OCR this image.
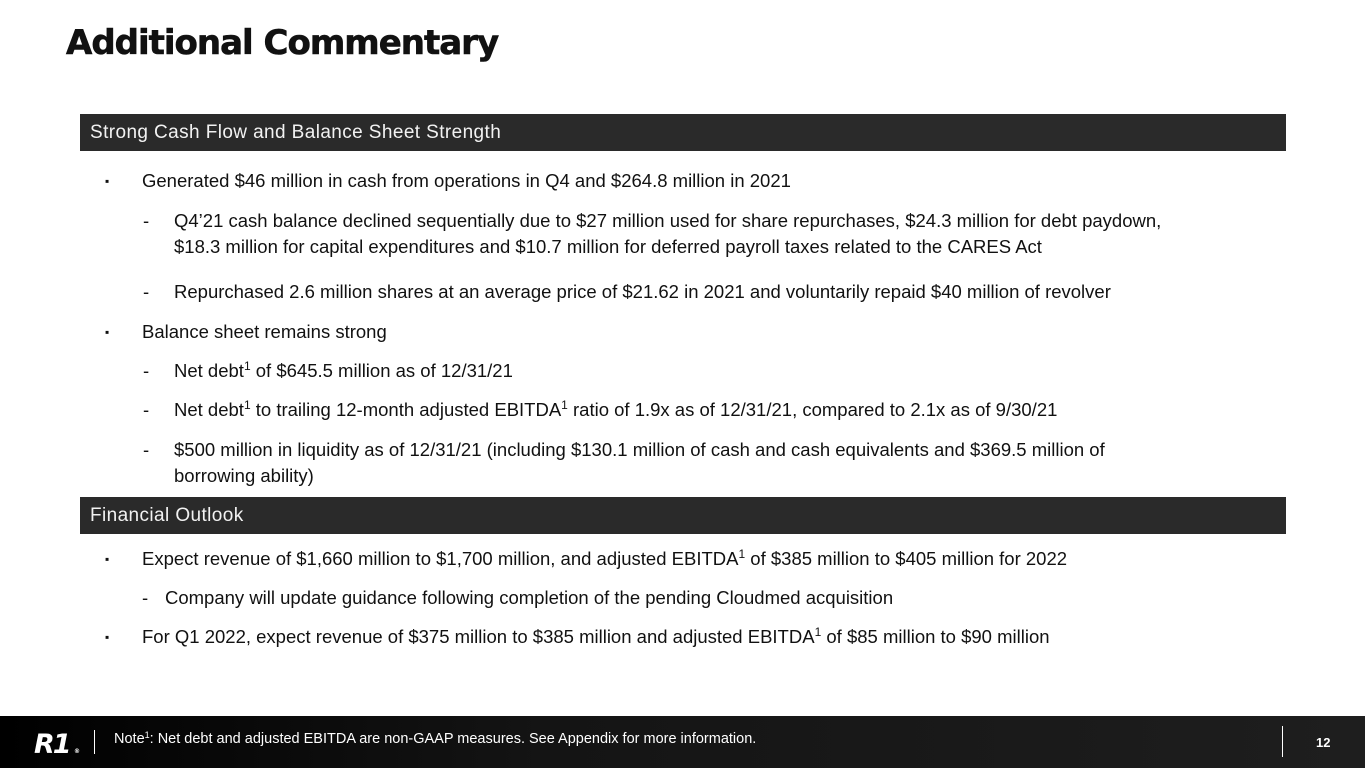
Additional Commentary
Strong Cash Flow and Balance Sheet Strength
▪ Generated $46 million in cash from operations in Q4 and $264.8 million in 2021
- Q4’21 cash balance declined sequentially due to $27 million used for share repurchases, $24.3 million for debt paydown,
$18.3 million for capital expenditures and $10.7 million for deferred payroll taxes related to the CARES Act
- Repurchased 2.6 million shares at an average price of $21.62 in 2021 and voluntarily repaid $40 million of revolver
▪ Balance sheet remains strong
- Net debt$^1$ of $645.5 million as of 12/31/21
- Net debt$^1$ to trailing 12-month adjusted EBITDA$^1$ ratio of 1.9x as of 12/31/21, compared to 2.1x as of 9/30/21
- $500 million in liquidity as of 12/31/21 (including $130.1 million of cash and cash equivalents and $369.5 million of
borrowing ability)
Financial Outlook
▪ Expect revenue of $1,660 million to $1,700 million, and adjusted EBITDA$^1$ of $385 million to $405 million for 2022
- Company will update guidance following completion of the pending Cloudmed acquisition
▪ For Q1 2022, expect revenue of $375 million to $385 million and adjusted EBITDA$^1$ of $85 million to $90 million
R1 ®
Note$^1$: Net debt and adjusted EBITDA are non-GAAP measures. See Appendix for more information.	12
